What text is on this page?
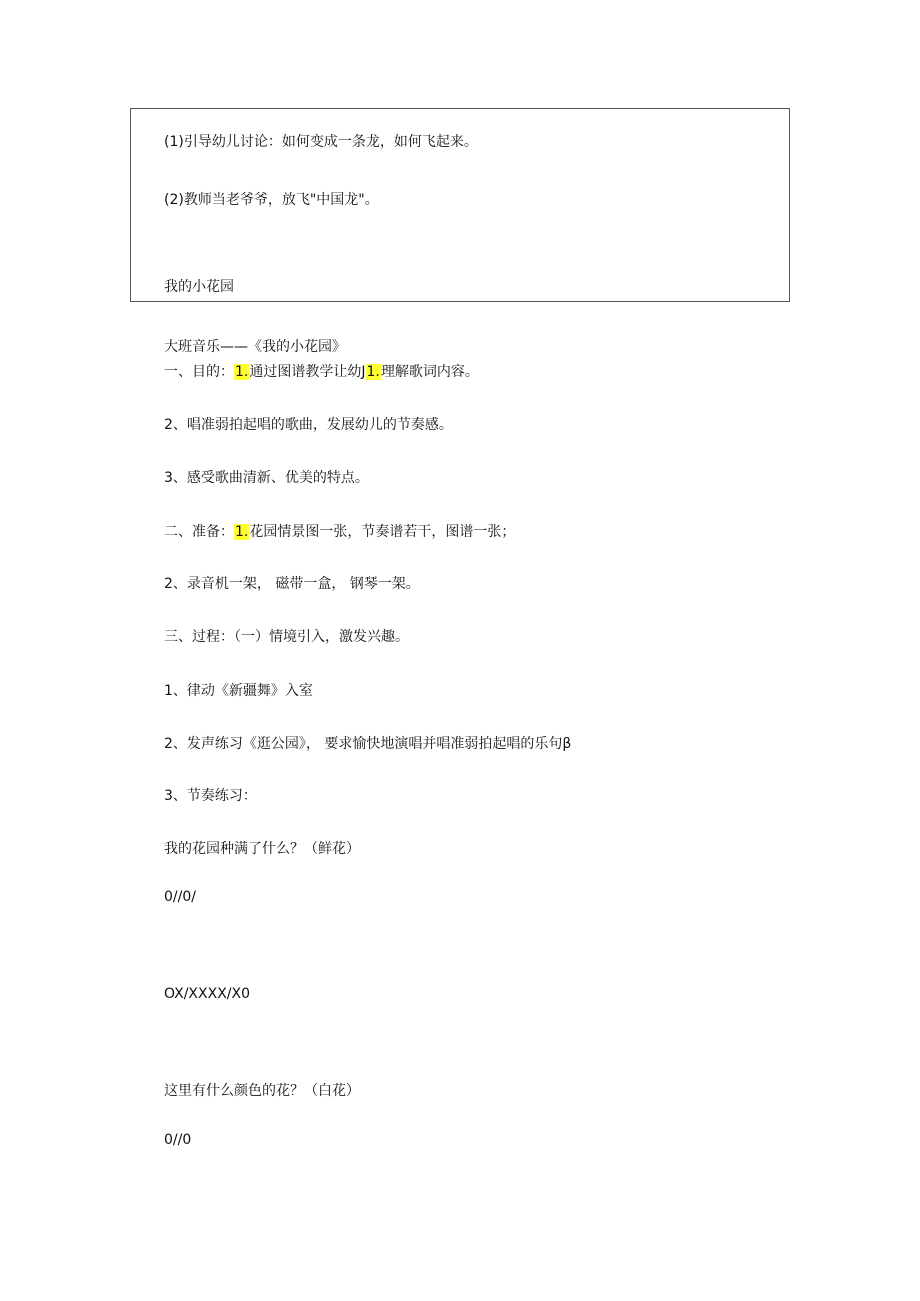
(1)引导幼儿讨论：如何变成一条龙，如何飞起来。
(2)教师当老爷爷，放飞"中国龙"。
我的小花园
大班音乐——《我的小花园》
一、目的：1.通过图谱教学让幼J1.理解歌词内容。
2、唱准弱拍起唱的歌曲，发展幼儿的节奏感。
3、感受歌曲清新、优美的特点。
二、准备：1.花园情景图一张，节奏谱若干，图谱一张；
2、录音机一架， 磁带一盒， 钢琴一架。
三、过程：（一）情境引入，激发兴趣。
1、律动《新疆舞》入室
2、发声练习《逛公园》， 要求愉快地演唱并唱准弱拍起唱的乐句β
3、节奏练习：
我的花园种满了什么？（鲜花）
0//0/
OX/XXXX/X0
这里有什么颜色的花？（白花）
0//0
